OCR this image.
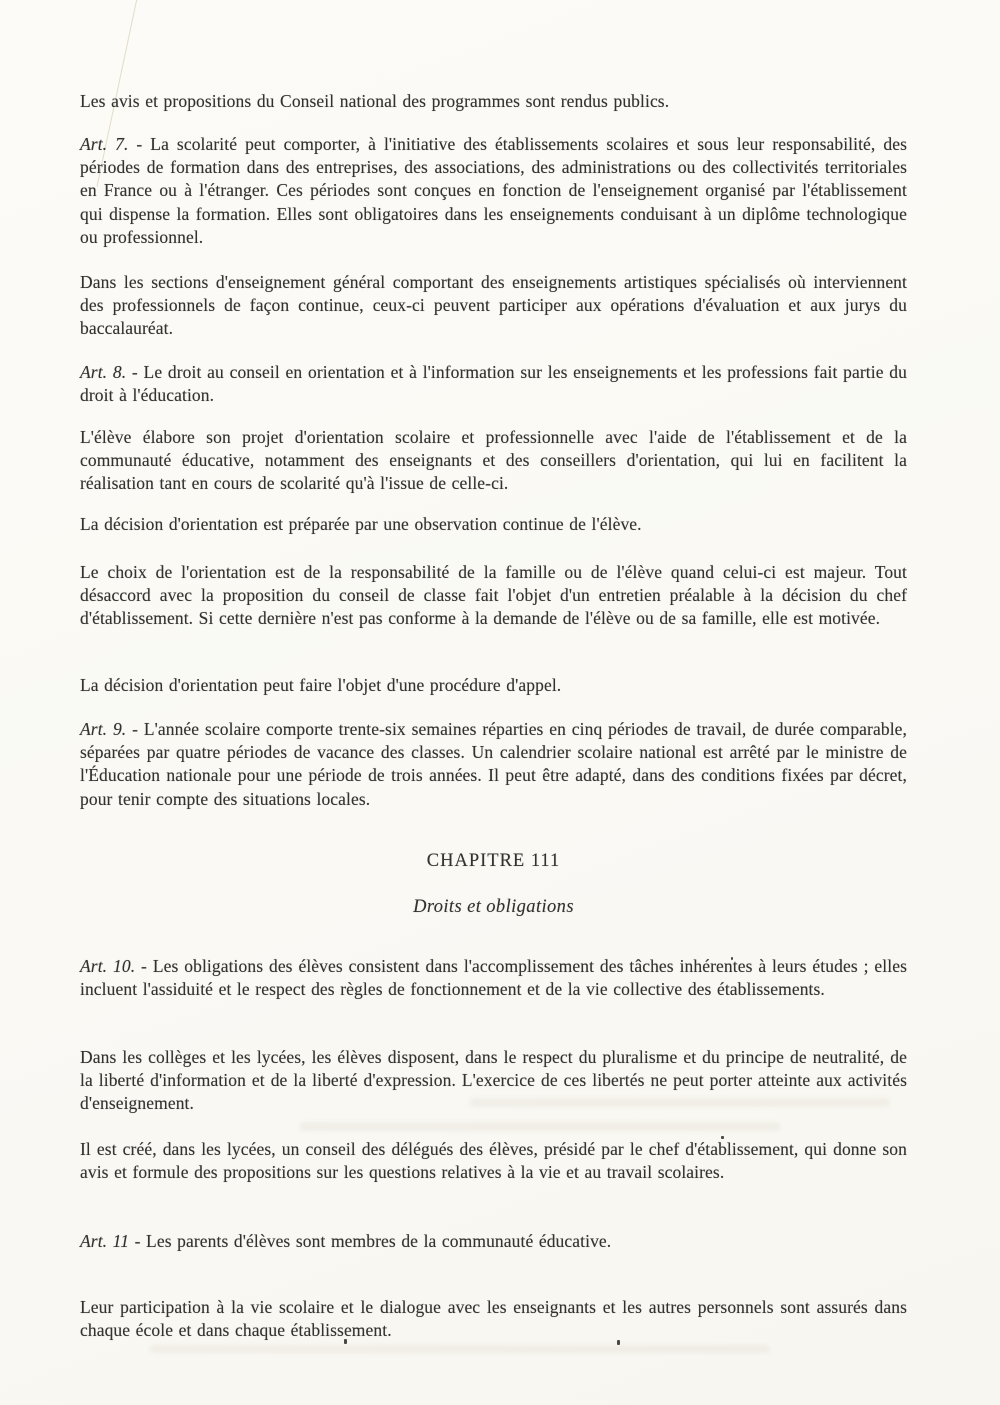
Les avis et propositions du Conseil national des programmes sont rendus publics.
Art. 7. - La scolarité peut comporter, à l'initiative des établissements scolaires et sous leur responsabilité, des périodes de formation dans des entreprises, des associations, des administrations ou des collectivités territoriales en France ou à l'étranger. Ces périodes sont conçues en fonction de l'enseignement organisé par l'établissement qui dispense la formation. Elles sont obligatoires dans les enseignements conduisant à un diplôme technologique ou professionnel.
Dans les sections d'enseignement général comportant des enseignements artistiques spécialisés où interviennent des professionnels de façon continue, ceux-ci peuvent participer aux opérations d'évaluation et aux jurys du baccalauréat.
Art. 8. - Le droit au conseil en orientation et à l'information sur les enseignements et les professions fait partie du droit à l'éducation.
L'élève élabore son projet d'orientation scolaire et professionnelle avec l'aide de l'établissement et de la communauté éducative, notamment des enseignants et des conseillers d'orientation, qui lui en facilitent la réalisation tant en cours de scolarité qu'à l'issue de celle-ci.
La décision d'orientation est préparée par une observation continue de l'élève.
Le choix de l'orientation est de la responsabilité de la famille ou de l'élève quand celui-ci est majeur. Tout désaccord avec la proposition du conseil de classe fait l'objet d'un entretien préalable à la décision du chef d'établissement. Si cette dernière n'est pas conforme à la demande de l'élève ou de sa famille, elle est motivée.
La décision d'orientation peut faire l'objet d'une procédure d'appel.
Art. 9. - L'année scolaire comporte trente-six semaines réparties en cinq périodes de travail, de durée comparable, séparées par quatre périodes de vacance des classes. Un calendrier scolaire national est arrêté par le ministre de l'Éducation nationale pour une période de trois années. Il peut être adapté, dans des conditions fixées par décret, pour tenir compte des situations locales.
CHAPITRE 111
Droits et obligations
Art. 10. - Les obligations des élèves consistent dans l'accomplissement des tâches inhérentes à leurs études ; elles incluent l'assiduité et le respect des règles de fonctionnement et de la vie collective des établissements.
Dans les collèges et les lycées, les élèves disposent, dans le respect du pluralisme et du principe de neutralité, de la liberté d'information et de la liberté d'expression. L'exercice de ces libertés ne peut porter atteinte aux activités d'enseignement.
Il est créé, dans les lycées, un conseil des délégués des élèves, présidé par le chef d'établissement, qui donne son avis et formule des propositions sur les questions relatives à la vie et au travail scolaires.
Art. 11 - Les parents d'élèves sont membres de la communauté éducative.
Leur participation à la vie scolaire et le dialogue avec les enseignants et les autres personnels sont assurés dans chaque école et dans chaque établissement.
